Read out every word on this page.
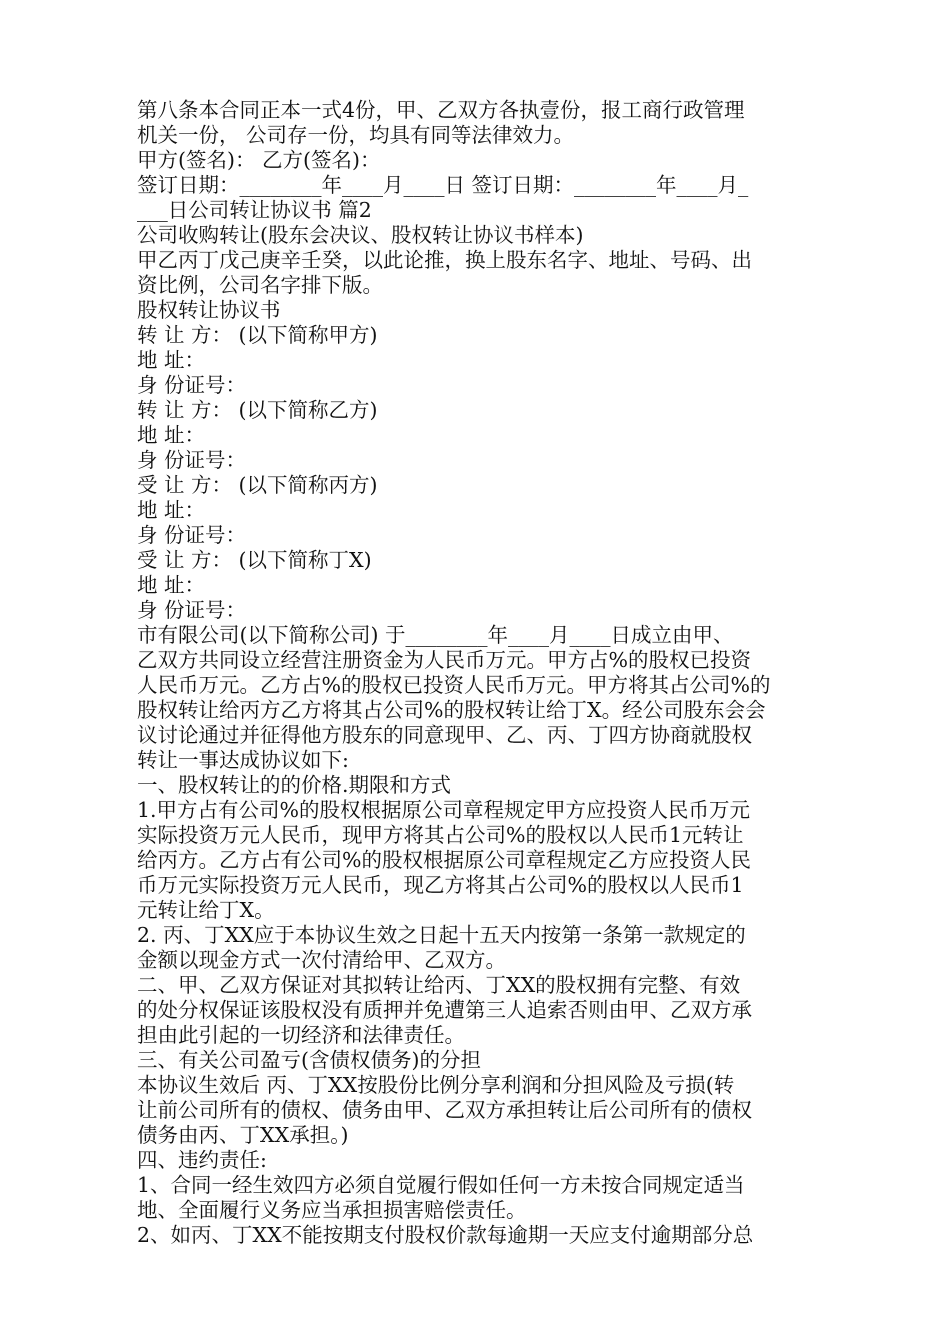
第八条本合同正本一式4份，甲、乙双方各执壹份，报工商行政管理
机关一份， 公司存一份，均具有同等法律效力。
甲方(签名)： 乙方(签名)：
签订日期：________年____月____日 签订日期：________年____月_
___日公司转让协议书 篇2
公司收购转让(股东会决议、股权转让协议书样本)
甲乙丙丁戊己庚辛壬癸，以此论推，换上股东名字、地址、号码、出
资比例，公司名字排下版。
股权转让协议书
转 让 方： (以下简称甲方)
地 址：
身 份证号：
转 让 方： (以下简称乙方)
地 址：
身 份证号：
受 让 方： (以下简称丙方)
地 址：
身 份证号：
受 让 方： (以下简称丁X)
地 址：
身 份证号：
市有限公司(以下简称公司) 于________年____月____日成立由甲、
乙双方共同设立经营注册资金为人民币万元。甲方占%的股权已投资
人民币万元。乙方占%的股权已投资人民币万元。甲方将其占公司%的
股权转让给丙方乙方将其占公司%的股权转让给丁X。经公司股东会会
议讨论通过并征得他方股东的同意现甲、乙、丙、丁四方协商就股权
转让一事达成协议如下:
一、股权转让的的价格.期限和方式
1.甲方占有公司%的股权根据原公司章程规定甲方应投资人民币万元
实际投资万元人民币，现甲方将其占公司%的股权以人民币1元转让
给丙方。乙方占有公司%的股权根据原公司章程规定乙方应投资人民
币万元实际投资万元人民币，现乙方将其占公司%的股权以人民币1
元转让给丁X。
2. 丙、丁XX应于本协议生效之日起十五天内按第一条第一款规定的
金额以现金方式一次付清给甲、乙双方。
二、甲、乙双方保证对其拟转让给丙、丁XX的股权拥有完整、有效
的处分权保证该股权没有质押并免遭第三人追索否则由甲、乙双方承
担由此引起的一切经济和法律责任。
三、有关公司盈亏(含债权债务)的分担
本协议生效后 丙、丁XX按股份比例分享利润和分担风险及亏损(转
让前公司所有的债权、债务由甲、乙双方承担转让后公司所有的债权
债务由丙、丁XX承担。)
四、违约责任:
1、合同一经生效四方必须自觉履行假如任何一方未按合同规定适当
地、全面履行义务应当承担损害赔偿责任。
2、如丙、丁XX不能按期支付股权价款每逾期一天应支付逾期部分总
